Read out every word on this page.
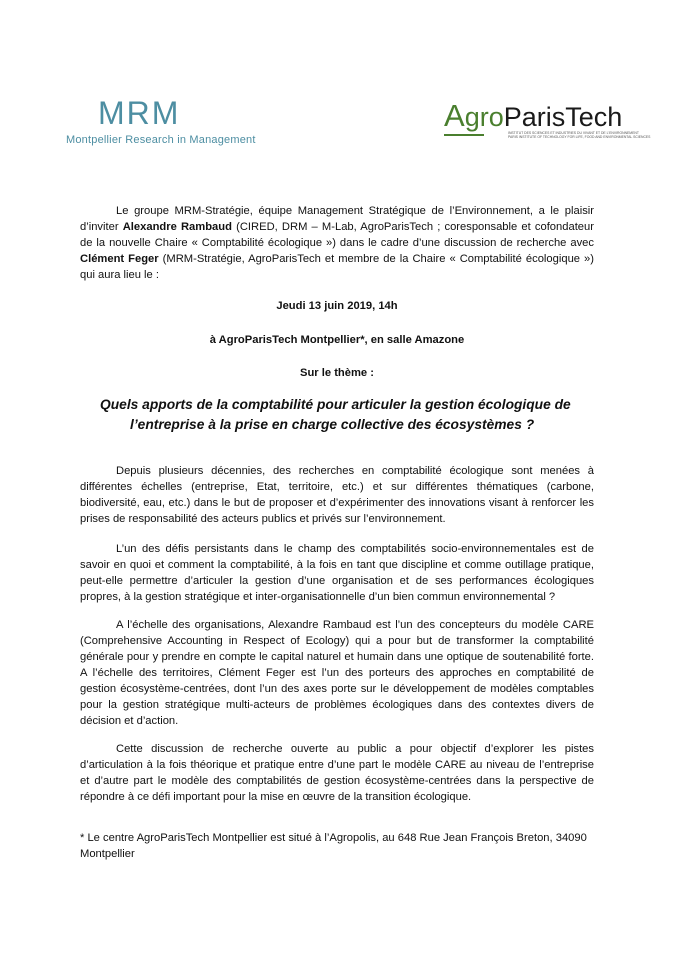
MRM
Montpellier Research in Management
AgroParisTech
INSTITUT DES SCIENCES ET INDUSTRIES DU VIVANT ET DE L'ENVIRONNEMENT
PARIS INSTITUTE OF TECHNOLOGY FOR LIFE, FOOD AND ENVIRONMENTAL SCIENCES

Le groupe MRM-Stratégie, équipe Management Stratégique de l’Environnement, a le plaisir d’inviter Alexandre Rambaud (CIRED, DRM – M-Lab, AgroParisTech ; coresponsable et cofondateur de la nouvelle Chaire « Comptabilité écologique ») dans le cadre d’une discussion de recherche avec Clément Feger (MRM-Stratégie, AgroParisTech et membre de la Chaire « Comptabilité écologique ») qui aura lieu le :

Jeudi 13 juin 2019, 14h

à AgroParisTech Montpellier*, en salle Amazone

Sur le thème :

Quels apports de la comptabilité pour articuler la gestion écologique de
l’entreprise à la prise en charge collective des écosystèmes ?

Depuis plusieurs décennies, des recherches en comptabilité écologique sont menées à différentes échelles (entreprise, Etat, territoire, etc.) et sur différentes thématiques (carbone, biodiversité, eau, etc.) dans le but de proposer et d’expérimenter des innovations visant à renforcer les prises de responsabilité des acteurs publics et privés sur l’environnement.

L’un des défis persistants dans le champ des comptabilités socio-environnementales est de savoir en quoi et comment la comptabilité, à la fois en tant que discipline et comme outillage pratique, peut-elle permettre d’articuler la gestion d’une organisation et de ses performances écologiques propres, à la gestion stratégique et inter-organisationnelle d’un bien commun environnemental ?

A l’échelle des organisations, Alexandre Rambaud est l’un des concepteurs du modèle CARE (Comprehensive Accounting in Respect of Ecology) qui a pour but de transformer la comptabilité générale pour y prendre en compte le capital naturel et humain dans une optique de soutenabilité forte. A l’échelle des territoires, Clément Feger est l’un des porteurs des approches en comptabilité de gestion écosystème-centrées, dont l’un des axes porte sur le développement de modèles comptables pour la gestion stratégique multi-acteurs de problèmes écologiques dans des contextes divers de décision et d’action.

Cette discussion de recherche ouverte au public a pour objectif d’explorer les pistes d’articulation à la fois théorique et pratique entre d’une part le modèle CARE au niveau de l’entreprise et d’autre part le modèle des comptabilités de gestion écosystème-centrées dans la perspective de répondre à ce défi important pour la mise en œuvre de la transition écologique.

* Le centre AgroParisTech Montpellier est situé à l’Agropolis, au 648 Rue Jean François Breton, 34090 Montpellier
